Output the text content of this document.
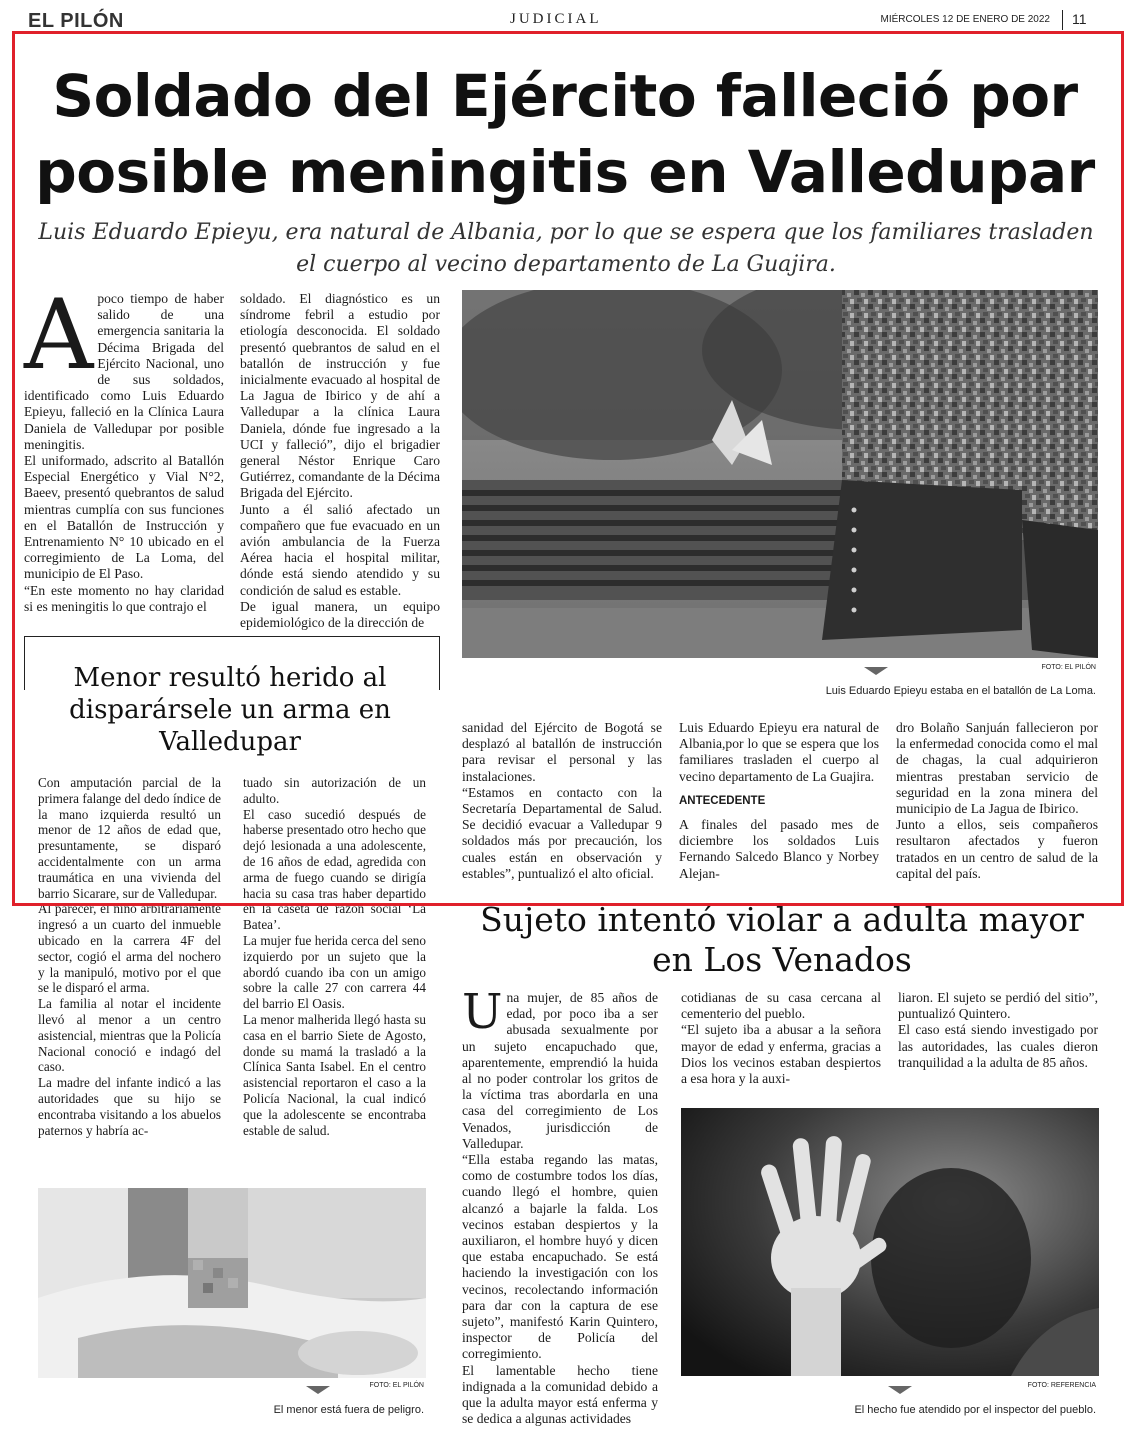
EL PILÓN	JUDICIAL	MIÉRCOLES 12 DE ENERO DE 2022 11
Soldado del Ejército falleció por posible meningitis en Valledupar
Luis Eduardo Epieyu, era natural de Albania, por lo que se espera que los familiares trasladen el cuerpo al vecino departamento de La Guajira.
A poco tiempo de haber salido de una emergencia sanitaria la Décima Brigada del Ejército Nacional, uno de sus soldados, identificado como Luis Eduardo Epieyu, falleció en la Clínica Laura Daniela de Valledupar por posible meningitis.

El uniformado, adscrito al Batallón Especial Energético y Vial N°2, Baeev, presentó quebrantos de salud mientras cumplía con sus funciones en el Batallón de Instrucción y Entrenamiento N° 10 ubicado en el corregimiento de La Loma, del municipio de El Paso.

“En este momento no hay claridad si es meningitis lo que contrajo el

soldado. El diagnóstico es un síndrome febril a estudio por etiología desconocida. El soldado presentó quebrantos de salud en el batallón de instrucción y fue inicialmente evacuado al hospital de La Jagua de Ibirico y de ahí a Valledupar a la clínica Laura Daniela, dónde fue ingresado a la UCI y falleció”, dijo el brigadier general Néstor Enrique Caro Gutiérrez, comandante de la Décima Brigada del Ejército.

Junto a él salió afectado un compañero que fue evacuado en un avión ambulancia de la Fuerza Aérea hacia el hospital militar, dónde está siendo atendido y su condición de salud es estable.

De igual manera, un equipo epidemiológico de la dirección de

FOTO: EL PILÓN
Luis Eduardo Epieyu estaba en el batallón de La Loma.

sanidad del Ejército de Bogotá se desplazó al batallón de instrucción para revisar el personal y las instalaciones.

“Estamos en contacto con la Secretaría Departamental de Salud. Se decidió evacuar a Valledupar 9 soldados más por precaución, los cuales están en observación y estables”, puntualizó el alto oficial.

Luis Eduardo Epieyu era natural de Albania,por lo que se espera que los familiares trasladen el cuerpo al vecino departamento de La Guajira.

ANTECEDENTE

A finales del pasado mes de diciembre los soldados Luis Fernando Salcedo Blanco y Norbey Alejan-

dro Bolaño Sanjuán fallecieron por la enfermedad conocida como el mal de chagas, la cual adquirieron mientras prestaban servicio de seguridad en la zona minera del municipio de La Jagua de Ibirico.

Junto a ellos, seis compañeros resultaron afectados y fueron tratados en un centro de salud de la capital del país.

Menor resultó herido al disparársele un arma en Valledupar

Con amputación parcial de la primera falange del dedo índice de la mano izquierda resultó un menor de 12 años de edad que, presuntamente, se disparó accidentalmente con un arma traumática en una vivienda del barrio Sicarare, sur de Valledupar.

Al parecer, el niño arbitrariamente ingresó a un cuarto del inmueble ubicado en la carrera 4F del sector, cogió el arma del nochero y la manipuló, motivo por el que se le disparó el arma.

La familia al notar el incidente llevó al menor a un centro asistencial, mientras que la Policía Nacional conoció e indagó del caso.

La madre del infante indicó a las autoridades que su hijo se encontraba visitando a los abuelos paternos y habría ac-

tuado sin autorización de un adulto.

El caso sucedió después de haberse presentado otro hecho que dejó lesionada a una adolescente, de 16 años de edad, agredida con arma de fuego cuando se dirigía hacia su casa tras haber departido en la caseta de razón social ‘La Batea’.

La mujer fue herida cerca del seno izquierdo por un sujeto que la abordó cuando iba con un amigo sobre la calle 27 con carrera 44 del barrio El Oasis.

La menor malherida llegó hasta su casa en el barrio Siete de Agosto, donde su mamá la trasladó a la Clínica Santa Isabel. En el centro asistencial reportaron el caso a la Policía Nacional, la cual indicó que la adolescente se encontraba estable de salud.

FOTO: EL PILÓN
El menor está fuera de peligro.
Sujeto intentó violar a adulta mayor en Los Venados
U na mujer, de 85 años de edad, por poco iba a ser abusada sexualmente por un sujeto encapuchado que, aparentemente, emprendió la huida al no poder controlar los gritos de la víctima tras abordarla en una casa del corregimiento de Los Venados, jurisdicción de Valledupar.

“Ella estaba regando las matas, como de costumbre todos los días, cuando llegó el hombre, quien alcanzó a bajarle la falda. Los vecinos estaban despiertos y la auxiliaron, el hombre huyó y dicen que estaba encapuchado. Se está haciendo la investigación con los vecinos, recolectando información para dar con la captura de ese sujeto”, manifestó Karin Quintero, inspector de Policía del corregimiento.

El lamentable hecho tiene indignada a la comunidad debido a que la adulta mayor está enferma y se dedica a algunas actividades

cotidianas de su casa cercana al cementerio del pueblo.

“El sujeto iba a abusar a la señora mayor de edad y enferma, gracias a Dios los vecinos estaban despiertos a esa hora y la auxi-

liaron. El sujeto se perdió del sitio”, puntualizó Quintero.

El caso está siendo investigado por las autoridades, las cuales dieron tranquilidad a la adulta de 85 años.

FOTO: REFERENCIA
El hecho fue atendido por el inspector del pueblo.
